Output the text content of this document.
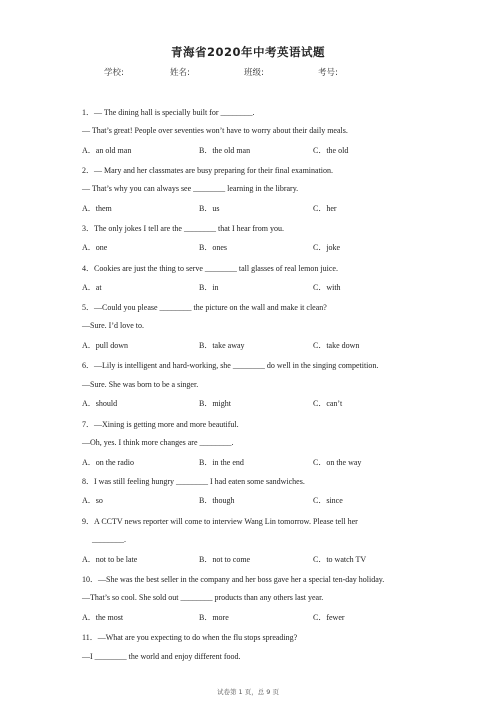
青海省2020年中考英语试题
学校:	姓名:	班级:	考号:
1．— The dining hall is specially built for ________.
— That’s great! People over seventies won’t have to worry about their daily meals.
A．an old man	B．the old man	C．the old
2．— Mary and her classmates are busy preparing for their final examination.
— That’s why you can always see ________ learning in the library.
A．them	B．us	C．her
3．The only jokes I tell are the ________ that I hear from you.
A．one	B．ones	C．joke
4．Cookies are just the thing to serve ________ tall glasses of real lemon juice.
A．at	B．in	C．with
5．—Could you please ________ the picture on the wall and make it clean?
—Sure. I’d love to.
A．pull down	B．take away	C．take down
6．—Lily is intelligent and hard-working, she ________ do well in the singing competition.
—Sure. She was born to be a singer.
A．should	B．might	C．can’t
7．—Xining is getting more and more beautiful.
—Oh, yes. I think more changes are ________.
A．on the radio	B．in the end	C．on the way
8．I was still feeling hungry ________ I had eaten some sandwiches.
A．so	B．though	C．since
9．A CCTV news reporter will come to interview Wang Lin tomorrow. Please tell her
________.
A．not to be late	B．not to come	C．to watch TV
10．—She was the best seller in the company and her boss gave her a special ten-day holiday.
—That’s so cool. She sold out ________ products than any others last year.
A．the most	B．more	C．fewer
11．—What are you expecting to do when the flu stops spreading?
—I ________ the world and enjoy different food.
试卷第 1 页，总 9 页
